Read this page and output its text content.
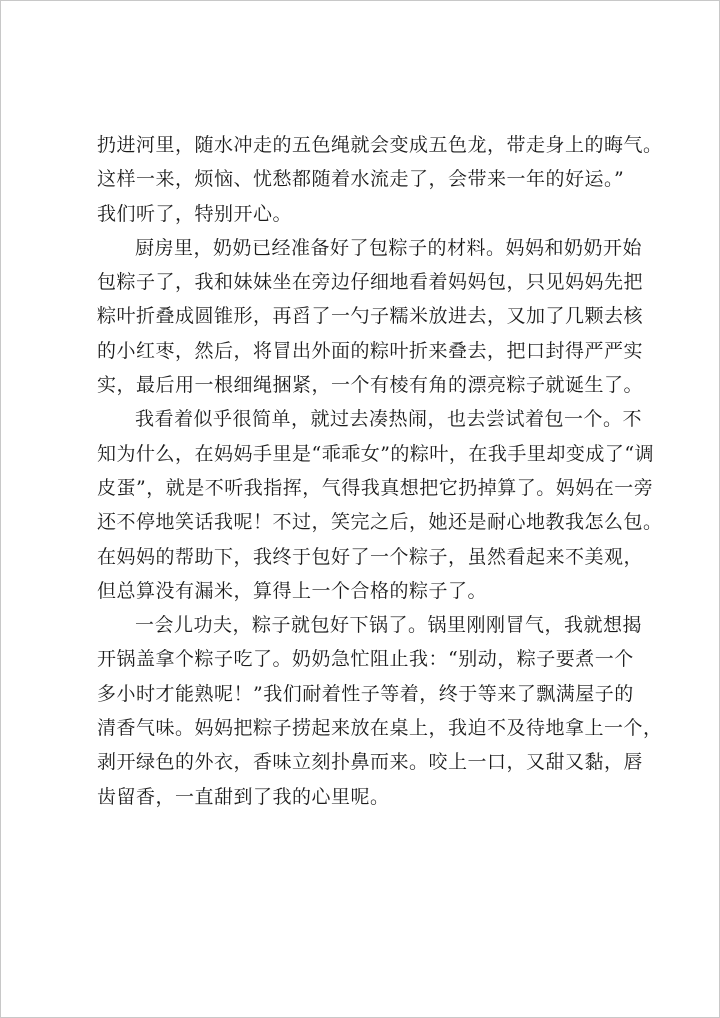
扔进河里，随水冲走的五色绳就会变成五色龙，带走身上的晦气。
这样一来，烦恼、忧愁都随着水流走了，会带来一年的好运。”
我们听了，特别开心。
厨房里，奶奶已经准备好了包粽子的材料。妈妈和奶奶开始
包粽子了，我和妹妹坐在旁边仔细地看着妈妈包，只见妈妈先把
粽叶折叠成圆锥形，再舀了一勺子糯米放进去，又加了几颗去核
的小红枣，然后，将冒出外面的粽叶折来叠去，把口封得严严实
实，最后用一根细绳捆紧，一个有棱有角的漂亮粽子就诞生了。
我看着似乎很简单，就过去凑热闹，也去尝试着包一个。不
知为什么，在妈妈手里是“乖乖女”的粽叶，在我手里却变成了“调
皮蛋”，就是不听我指挥，气得我真想把它扔掉算了。妈妈在一旁
还不停地笑话我呢！不过，笑完之后，她还是耐心地教我怎么包。
在妈妈的帮助下，我终于包好了一个粽子，虽然看起来不美观，
但总算没有漏米，算得上一个合格的粽子了。
一会儿功夫，粽子就包好下锅了。锅里刚刚冒气，我就想揭
开锅盖拿个粽子吃了。奶奶急忙阻止我：“别动，粽子要煮一个
多小时才能熟呢！”我们耐着性子等着，终于等来了飘满屋子的
清香气味。妈妈把粽子捞起来放在桌上，我迫不及待地拿上一个，
剥开绿色的外衣，香味立刻扑鼻而来。咬上一口，又甜又黏，唇
齿留香，一直甜到了我的心里呢。
